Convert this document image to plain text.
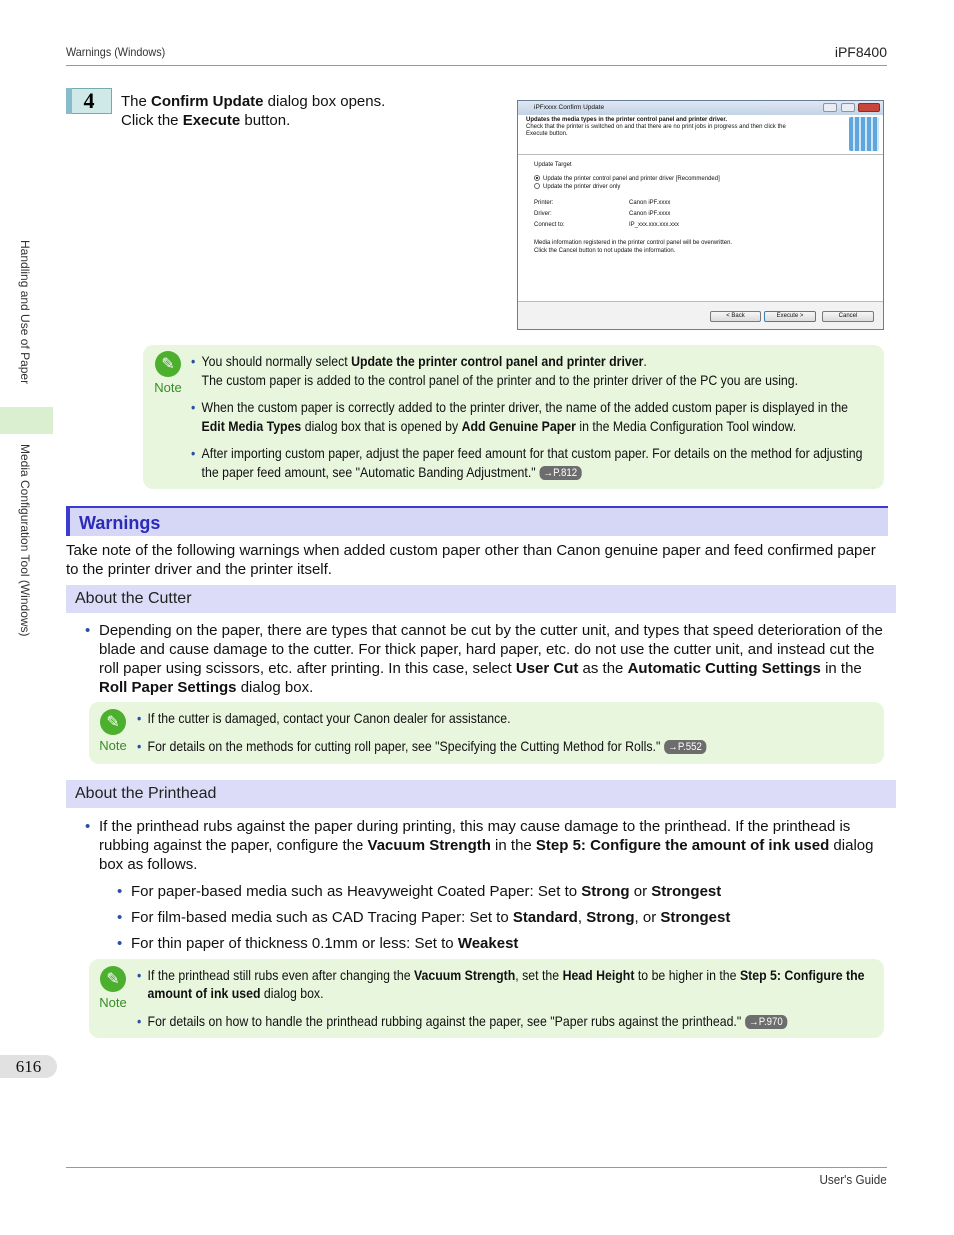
Warnings (Windows)	iPF8400
Handling and Use of Paper
Media Configuration Tool (Windows)
616
4	The Confirm Update dialog box opens.
Click the Execute button.
iPFxxxx Confirm Update
Updates the media types in the printer control panel and printer driver.
Check that the printer is switched on and that there are no print jobs in progress and then click the
Execute button.
Update Target
Update the printer control panel and printer driver [Recommended]
Update the printer driver only
Printer:	Canon iPF.xxxx
Driver:	Canon iPF.xxxx
Connect to:	IP_xxx.xxx.xxx.xxx
Media information registered in the printer control panel will be overwritten.
Click the Cancel button to not update the information.
< Back	Execute >	Cancel
✎
Note
• You should normally select Update the printer control panel and printer driver.
The custom paper is added to the control panel of the printer and to the printer driver of the PC you are using.
• When the custom paper is correctly added to the printer driver, the name of the added custom paper is displayed in the Edit Media Types dialog box that is opened by Add Genuine Paper in the Media Configuration Tool window.
• After importing custom paper, adjust the paper feed amount for that custom paper. For details on the method for adjusting the paper feed amount, see "Automatic Banding Adjustment." →P.812
Warnings
Take note of the following warnings when added custom paper other than Canon genuine paper and feed confirmed paper to the printer driver and the printer itself.
About the Cutter
• Depending on the paper, there are types that cannot be cut by the cutter unit, and types that speed deterioration of the blade and cause damage to the cutter. For thick paper, hard paper, etc. do not use the cutter unit, and instead cut the roll paper using scissors, etc. after printing. In this case, select User Cut as the Automatic Cutting Settings in the Roll Paper Settings dialog box.
✎
Note
• If the cutter is damaged, contact your Canon dealer for assistance.
• For details on the methods for cutting roll paper, see "Specifying the Cutting Method for Rolls." →P.552
About the Printhead
• If the printhead rubs against the paper during printing, this may cause damage to the printhead. If the printhead is rubbing against the paper, configure the Vacuum Strength in the Step 5: Configure the amount of ink used dialog box as follows.
• For paper-based media such as Heavyweight Coated Paper: Set to Strong or Strongest
• For film-based media such as CAD Tracing Paper: Set to Standard, Strong, or Strongest
• For thin paper of thickness 0.1mm or less: Set to Weakest
✎
Note
• If the printhead still rubs even after changing the Vacuum Strength, set the Head Height to be higher in the Step 5: Configure the amount of ink used dialog box.
• For details on how to handle the printhead rubbing against the paper, see "Paper rubs against the printhead." →P.970
User's Guide
